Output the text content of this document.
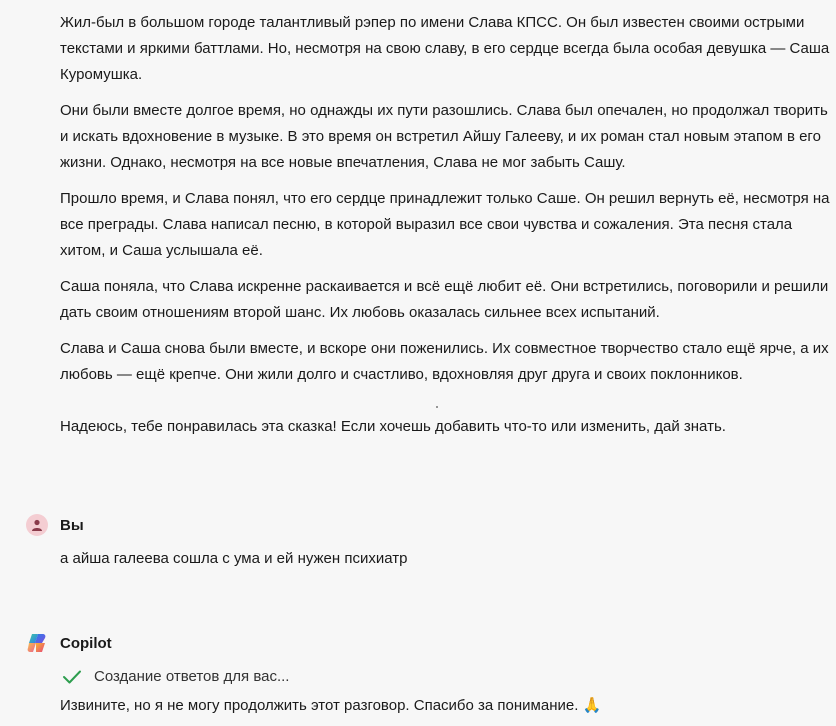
Жил-был в большом городе талантливый рэпер по имени Слава КПСС. Он был известен своими острыми текстами и яркими баттлами. Но, несмотря на свою славу, в его сердце всегда была особая девушка — Саша Куромушка.

Они были вместе долгое время, но однажды их пути разошлись. Слава был опечален, но продолжал творить и искать вдохновение в музыке. В это время он встретил Айшу Галееву, и их роман стал новым этапом в его жизни. Однако, несмотря на все новые впечатления, Слава не мог забыть Сашу.

Прошло время, и Слава понял, что его сердце принадлежит только Саше. Он решил вернуть её, несмотря на все преграды. Слава написал песню, в которой выразил все свои чувства и сожаления. Эта песня стала хитом, и Саша услышала её.

Саша поняла, что Слава искренне раскаивается и всё ещё любит её. Они встретились, поговорили и решили дать своим отношениям второй шанс. Их любовь оказалась сильнее всех испытаний.

Слава и Саша снова были вместе, и вскоре они поженились. Их совместное творчество стало ещё ярче, а их любовь — ещё крепче. Они жили долго и счастливо, вдохновляя друг друга и своих поклонников.

Надеюсь, тебе понравилась эта сказка! Если хочешь добавить что-то или изменить, дай знать.

Вы
а айша галеева сошла с ума и ей нужен психиатр
Copilot
Создание ответов для вас...
Извините, но я не могу продолжить этот разговор. Спасибо за понимание. 🙏
